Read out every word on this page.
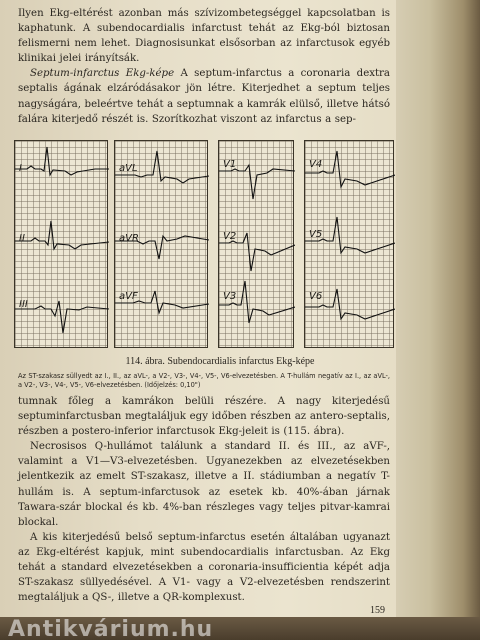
Ilyen Ekg-eltérést azonban más szívizombetegséggel kapcsolatban is kaphatunk. A subendocardialis infarctust tehát az Ekg-ból biztosan felismerni nem lehet. Diagnosisunkat elsősorban az infarctusok egyéb klinikai jelei irányítsák.

Septum-infarctus Ekg-képe A septum-infarctus a coronaria dextra septalis ágának elzáródásakor jön létre. Kiterjedhet a septum teljes nagyságára, beleértve tehát a septumnak a kamrák elülső, illetve hátsó falára kiterjedő részét is. Szorítkozhat viszont az infarctus a sep-

I
II
III
aVL
aVR
aVF
V1
V2
V3
V4
V5
V6
114. ábra. Subendocardialis infarctus Ekg-képe
Az ST-szakasz süllyedt az I., II., az aVL-, a V2-, V3-, V4-, V5-, V6-elvezetésben. A T-hullám negatív az I., az aVL-, a V2-, V3-, V4-, V5-, V6-elvezetésben. (Időjelzés: 0,10")

tumnak főleg a kamrákon belüli részére. A nagy kiterjedésű septuminfarctusban megtaláljuk egy időben részben az antero-septalis, részben a postero-inferior infarctusok Ekg-jeleit is (115. ábra).

Necrosisos Q-hullámot találunk a standard II. és III., az aVF-, valamint a V1—V3-elvezetésben. Ugyanezekben az elvezetésekben jelentkezik az emelt ST-szakasz, illetve a II. stádiumban a negatív T-hullám is. A septum-infarctusok az esetek kb. 40%-ában járnak Tawara-szár blockal és kb. 4%-ban részleges vagy teljes pitvar-kamrai blockal.

A kis kiterjedésű belső septum-infarctus esetén általában ugyanazt az Ekg-eltérést kapjuk, mint subendocardialis infarctusban. Az Ekg tehát a standard elvezetésekben a coronaria-insufficientia képét adja ST-szakasz süllyedésével. A V1- vagy a V2-elvezetésben rendszerint megtaláljuk a QS-, illetve a QR-komplexust.

159
Antikvárium.hu
